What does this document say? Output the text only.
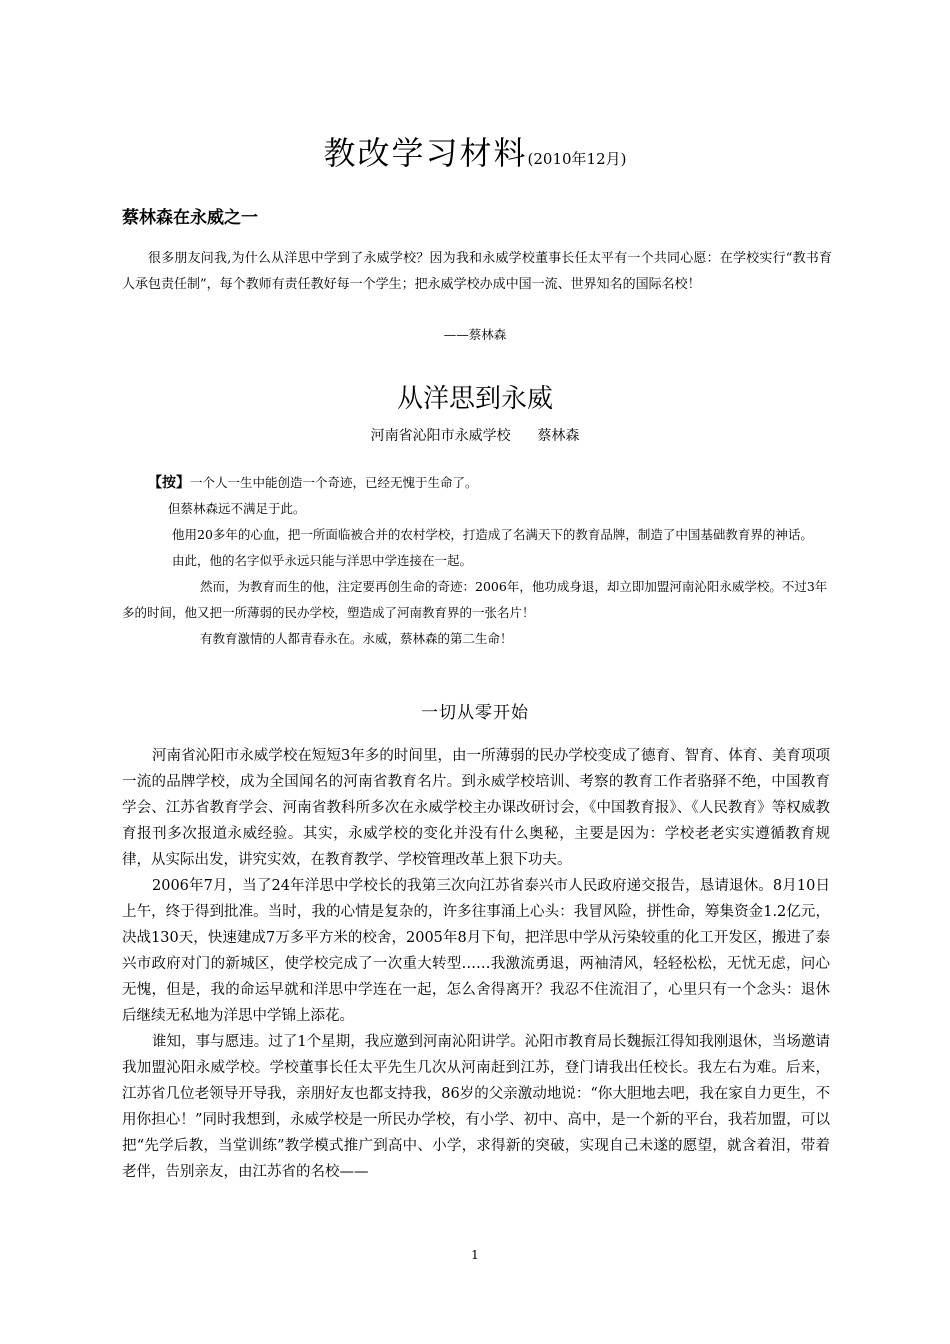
教改学习材料(2010年12月)
蔡林森在永威之一
很多朋友问我,为什么从洋思中学到了永威学校？因为我和永威学校董事长任太平有一个共同心愿：在学校实行“教书育人承包责任制”，每个教师有责任教好每一个学生；把永威学校办成中国一流、世界知名的国际名校！
——蔡林森
从洋思到永威
河南省沁阳市永威学校 蔡林森

【按】一个人一生中能创造一个奇迹，已经无愧于生命了。

但蔡林森远不满足于此。

他用20多年的心血，把一所面临被合并的农村学校，打造成了名满天下的教育品牌，制造了中国基础教育界的神话。

由此，他的名字似乎永远只能与洋思中学连接在一起。

然而，为教育而生的他，注定要再创生命的奇迹：2006年，他功成身退，却立即加盟河南沁阳永威学校。不过3年多的时间，他又把一所薄弱的民办学校，塑造成了河南教育界的一张名片！

有教育激情的人都青春永在。永威，蔡林森的第二生命！

一切从零开始

河南省沁阳市永威学校在短短3年多的时间里，由一所薄弱的民办学校变成了德育、智育、体育、美育项项一流的品牌学校，成为全国闻名的河南省教育名片。到永威学校培训、考察的教育工作者骆驿不绝，中国教育学会、江苏省教育学会、河南省教科所多次在永威学校主办课改研讨会，《中国教育报》、《人民教育》等权威教育报刊多次报道永威经验。其实，永威学校的变化并没有什么奥秘，主要是因为：学校老老实实遵循教育规律，从实际出发，讲究实效，在教育教学、学校管理改革上狠下功夫。

2006年7月，当了24年洋思中学校长的我第三次向江苏省泰兴市人民政府递交报告，恳请退休。8月10日上午，终于得到批准。当时，我的心情是复杂的，许多往事涌上心头：我冒风险，拼性命，筹集资金1.2亿元，决战130天，快速建成7万多平方米的校舍，2005年8月下旬，把洋思中学从污染较重的化工开发区，搬进了泰兴市政府对门的新城区，使学校完成了一次重大转型……我激流勇退，两袖清风，轻轻松松，无忧无虑，问心无愧，但是，我的命运早就和洋思中学连在一起，怎么舍得离开？我忍不住流泪了，心里只有一个念头：退休后继续无私地为洋思中学锦上添花。

谁知，事与愿违。过了1个星期，我应邀到河南沁阳讲学。沁阳市教育局长魏振江得知我刚退休，当场邀请我加盟沁阳永威学校。学校董事长任太平先生几次从河南赶到江苏，登门请我出任校长。我左右为难。后来，江苏省几位老领导开导我，亲朋好友也都支持我，86岁的父亲激动地说：“你大胆地去吧，我在家自力更生，不用你担心！”同时我想到，永威学校是一所民办学校，有小学、初中、高中，是一个新的平台，我若加盟，可以把“先学后教，当堂训练”教学模式推广到高中、小学，求得新的突破，实现自己未遂的愿望，就含着泪，带着老伴，告别亲友，由江苏省的名校——

1
